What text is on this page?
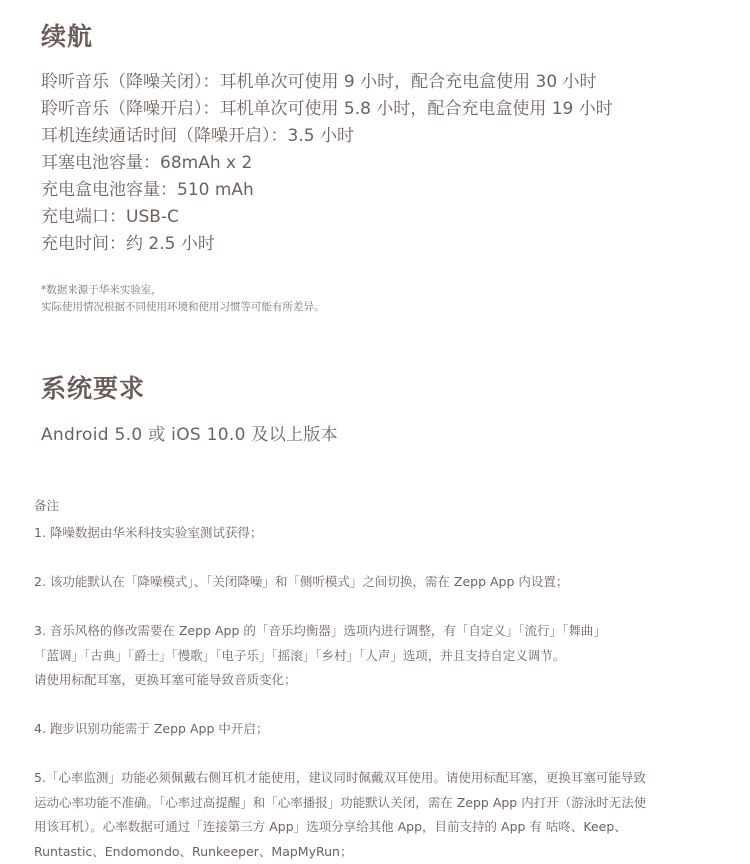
续航
聆听音乐（降噪关闭）：耳机单次可使用 9 小时，配合充电盒使用 30 小时
聆听音乐（降噪开启）：耳机单次可使用 5.8 小时，配合充电盒使用 19 小时
耳机连续通话时间（降噪开启）：3.5 小时
耳塞电池容量：68mAh x 2
充电盒电池容量：510 mAh
充电端口：USB-C
充电时间：约 2.5 小时
*数据来源于华米实验室，
实际使用情况根据不同使用环境和使用习惯等可能有所差异。
系统要求
Android 5.0 或 iOS 10.0 及以上版本
备注
1. 降噪数据由华米科技实验室测试获得；
2. 该功能默认在「降噪模式」、「关闭降噪」和「侧听模式」之间切换，需在 Zepp App 内设置；
3. 音乐风格的修改需要在 Zepp App 的「音乐均衡器」选项内进行调整，有「自定义」「流行」「舞曲」
「蓝调」「古典」「爵士」「慢歌」「电子乐」「摇滚」「乡村」「人声」选项，并且支持自定义调节。
请使用标配耳塞，更换耳塞可能导致音质变化；
4. 跑步识别功能需于 Zepp App 中开启；
5.「心率监测」功能必须佩戴右侧耳机才能使用，建议同时佩戴双耳使用。请使用标配耳塞，更换耳塞可能导致
运动心率功能不准确。「心率过高提醒」和「心率播报」功能默认关闭，需在 Zepp App 内打开（游泳时无法使
用该耳机）。心率数据可通过「连接第三方 App」选项分享给其他 App，目前支持的 App 有 咕咚、Keep、
Runtastic、Endomondo、Runkeeper、MapMyRun；
